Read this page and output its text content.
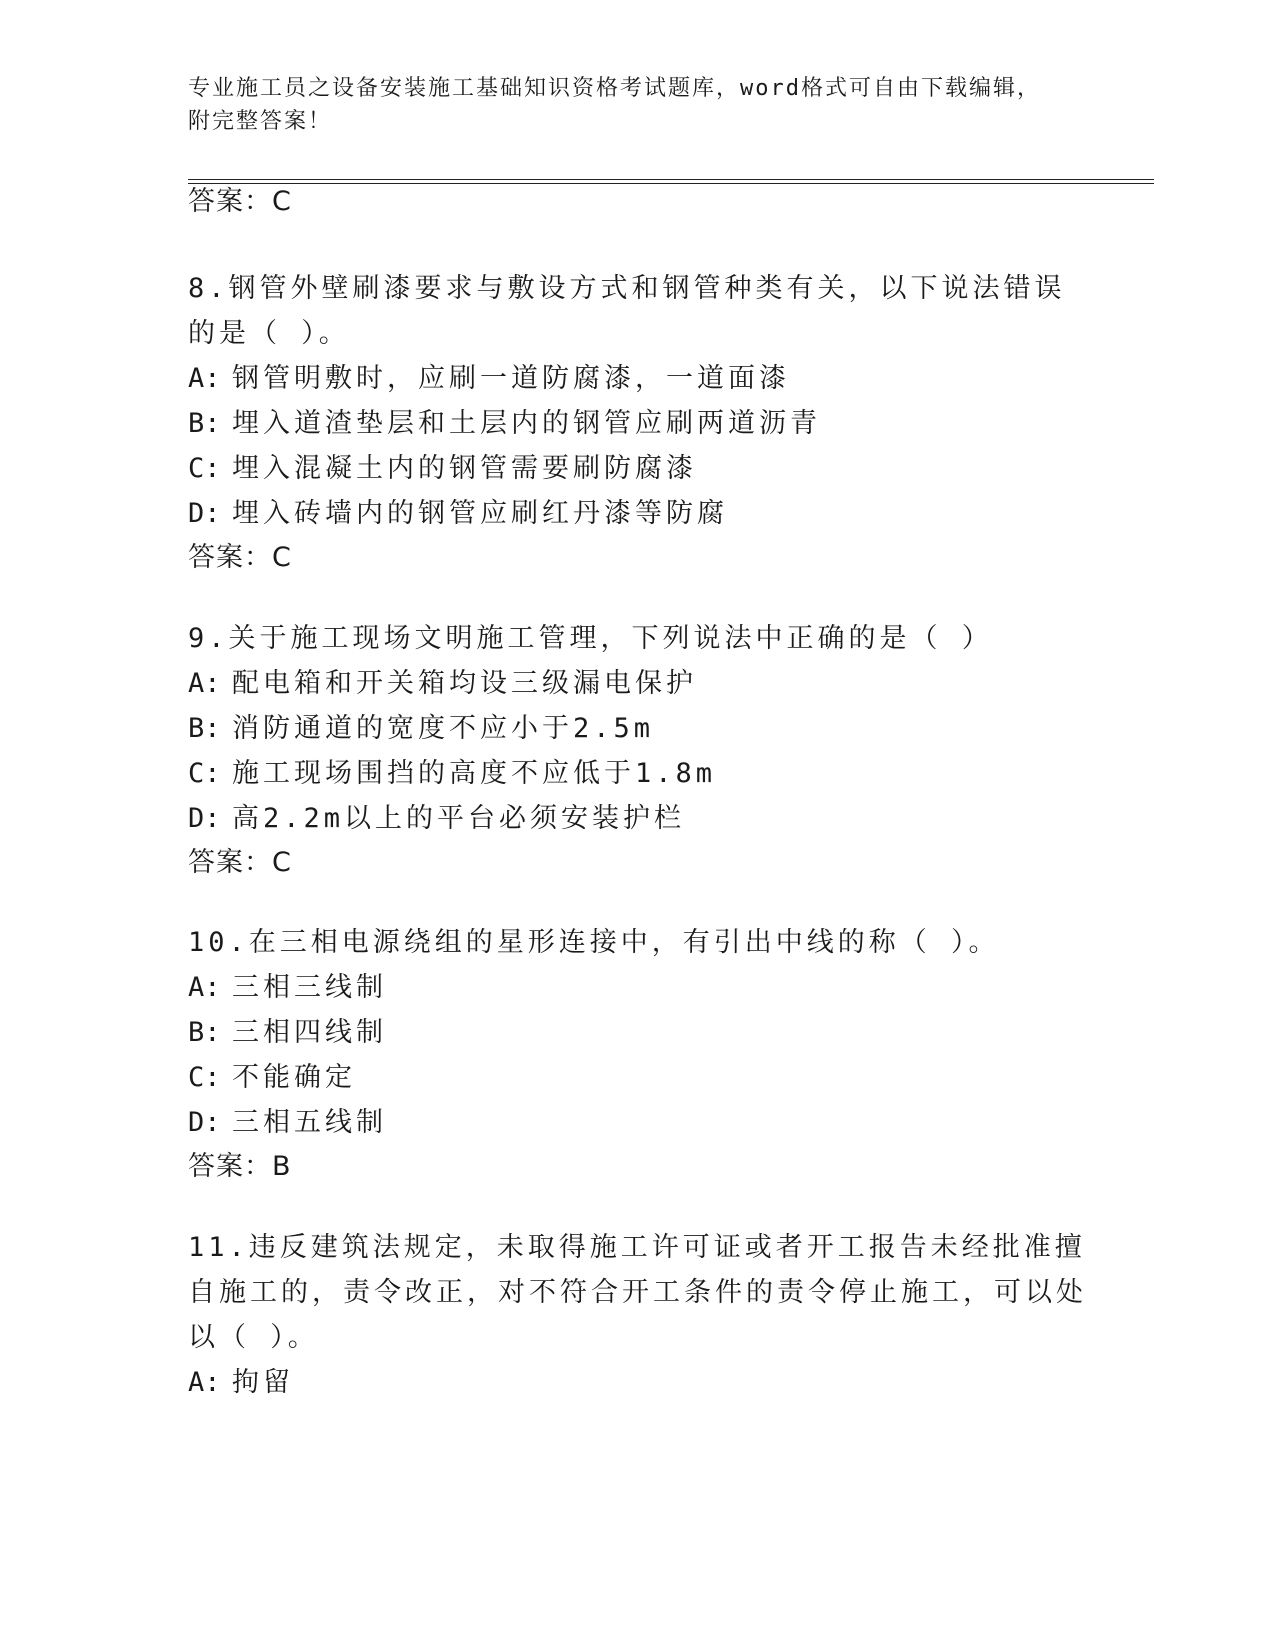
专业施工员之设备安装施工基础知识资格考试题库，word格式可自由下载编辑，
附完整答案！
答案：C
8.钢管外壁刷漆要求与敷设方式和钢管种类有关，以下说法错误的是（ ）。
A: 钢管明敷时，应刷一道防腐漆，一道面漆
B: 埋入道渣垫层和土层内的钢管应刷两道沥青
C: 埋入混凝土内的钢管需要刷防腐漆
D: 埋入砖墙内的钢管应刷红丹漆等防腐
答案：C
9.关于施工现场文明施工管理，下列说法中正确的是（ ）
A: 配电箱和开关箱均设三级漏电保护
B: 消防通道的宽度不应小于2.5m
C: 施工现场围挡的高度不应低于1.8m
D: 高2.2m以上的平台必须安装护栏
答案：C
10.在三相电源绕组的星形连接中，有引出中线的称（ ）。
A: 三相三线制
B: 三相四线制
C: 不能确定
D: 三相五线制
答案：B
11.违反建筑法规定，未取得施工许可证或者开工报告未经批准擅自施工的，责令改正，对不符合开工条件的责令停止施工，可以处以（ ）。
A: 拘留
